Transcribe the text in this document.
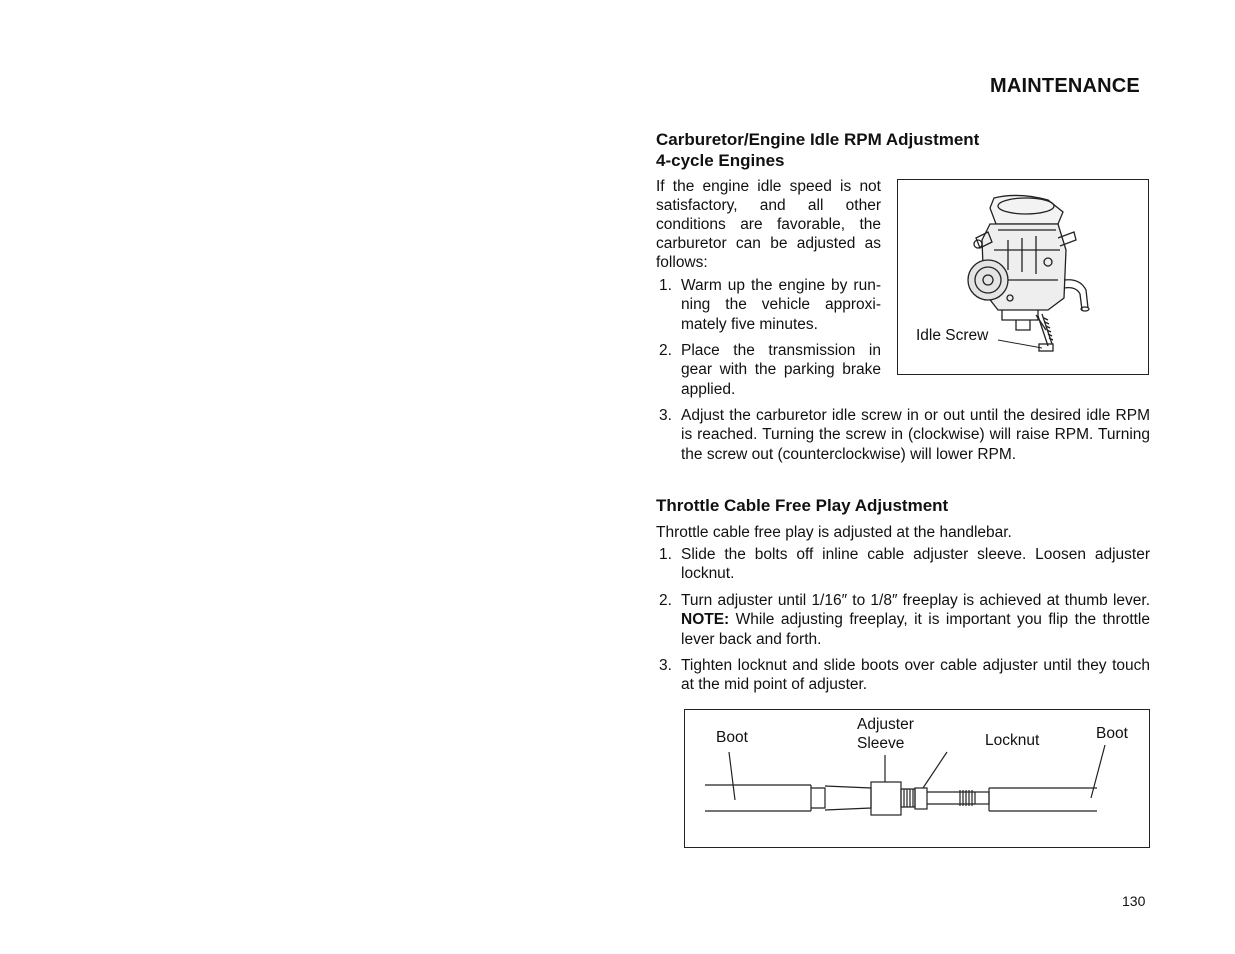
MAINTENANCE
Carburetor/Engine Idle RPM Adjustment
4-cycle Engines
If the engine idle speed is not satisfactory, and all other conditions are favorable, the carburetor can be adjusted as follows:
1. Warm up the engine by run-ning the vehicle approxi-mately five minutes.
2. Place the transmission in gear with the parking brake applied.
3. Adjust the carburetor idle screw in or out until the desired idle RPM is reached. Turning the screw in (clockwise) will raise RPM. Turning the screw out (counterclockwise) will lower RPM.
Idle Screw
Throttle Cable Free Play Adjustment
Throttle cable free play is adjusted at the handlebar.
1. Slide the bolts off inline cable adjuster sleeve. Loosen adjuster locknut.
2. Turn adjuster until 1/16″ to 1/8″ freeplay is achieved at thumb lever. NOTE: While adjusting freeplay, it is important you flip the throttle lever back and forth.
3. Tighten locknut and slide boots over cable adjuster until they touch at the mid point of adjuster.
Boot
Adjuster
Sleeve	Locknut	Boot
130
